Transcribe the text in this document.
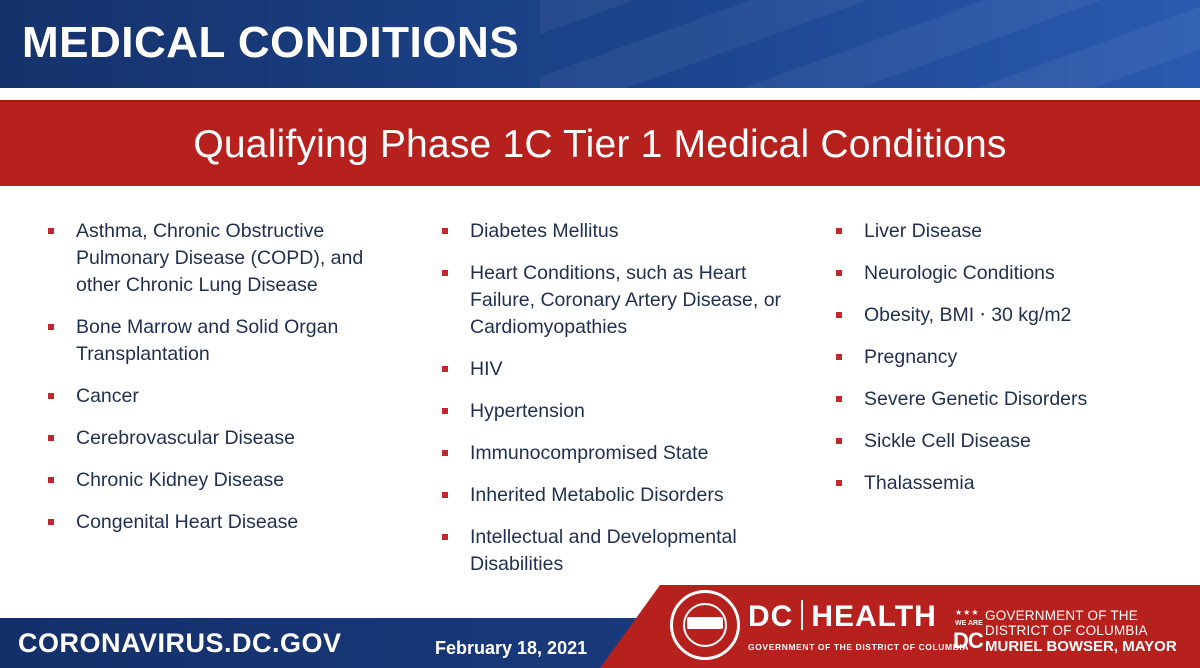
MEDICAL CONDITIONS
Qualifying Phase 1C Tier 1 Medical Conditions
Asthma, Chronic Obstructive Pulmonary Disease (COPD), and other Chronic Lung Disease
Bone Marrow and Solid Organ Transplantation
Cancer
Cerebrovascular Disease
Chronic Kidney Disease
Congenital Heart Disease
Diabetes Mellitus
Heart Conditions, such as Heart Failure, Coronary Artery Disease, or Cardiomyopathies
HIV
Hypertension
Immunocompromised State
Inherited Metabolic Disorders
Intellectual and Developmental Disabilities
Liver Disease
Neurologic Conditions
Obesity, BMI ⋅ 30 kg/m2
Pregnancy
Severe Genetic Disorders
Sickle Cell Disease
Thalassemia
CORONAVIRUS.DC.GOV	February 18, 2021
DC HEALTH
GOVERNMENT OF THE DISTRICT OF COLUMBIA
★★★
WE ARE
DC
GOVERNMENT OF THE
DISTRICT OF COLUMBIA
MURIEL BOWSER, MAYOR
